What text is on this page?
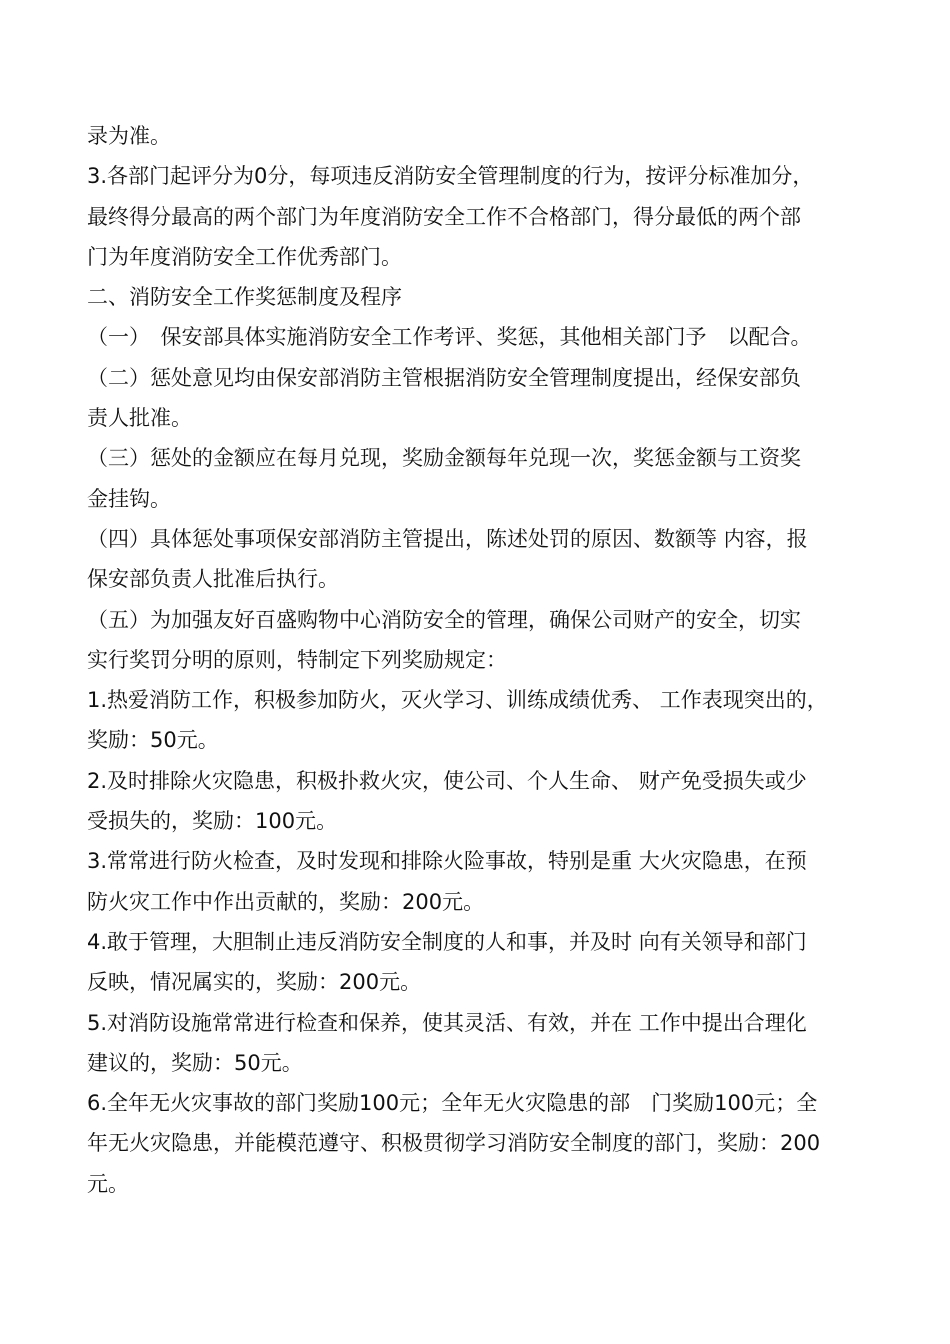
录为准。
3.各部门起评分为0分，每项违反消防安全管理制度的行为，按评分标准加分，
最终得分最高的两个部门为年度消防安全工作不合格部门，得分最低的两个部
门为年度消防安全工作优秀部门。
二、消防安全工作奖惩制度及程序
（一）　保安部具体实施消防安全工作考评、奖惩，其他相关部门予　以配合。
（二）惩处意见均由保安部消防主管根据消防安全管理制度提出，经保安部负
责人批准。
（三）惩处的金额应在每月兑现，奖励金额每年兑现一次，奖惩金额与工资奖
金挂钩。
（四）具体惩处事项保安部消防主管提出，陈述处罚的原因、数额等 内容，报
保安部负责人批准后执行。
（五）为加强友好百盛购物中心消防安全的管理，确保公司财产的安全，切实
实行奖罚分明的原则，特制定下列奖励规定：
1.热爱消防工作，积极参加防火，灭火学习、训练成绩优秀、 工作表现突出的，
奖励：50元。
2.及时排除火灾隐患，积极扑救火灾，使公司、个人生命、 财产免受损失或少
受损失的，奖励：100元。
3.常常进行防火检查，及时发现和排除火险事故，特别是重 大火灾隐患，在预
防火灾工作中作出贡献的，奖励：200元。
4.敢于管理，大胆制止违反消防安全制度的人和事，并及时 向有关领导和部门
反映，情况属实的，奖励：200元。
5.对消防设施常常进行检查和保养，使其灵活、有效，并在 工作中提出合理化
建议的，奖励：50元。
6.全年无火灾事故的部门奖励100元；全年无火灾隐患的部　门奖励100元；全
年无火灾隐患，并能模范遵守、积极贯彻学习消防安全制度的部门，奖励：200
元。
